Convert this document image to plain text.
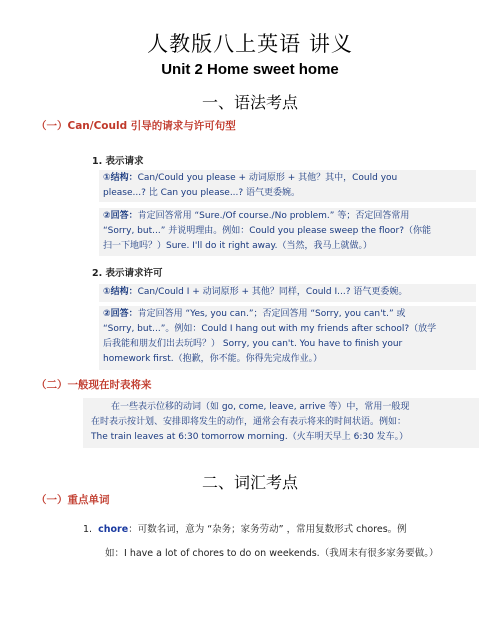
人教版八上英语 讲义
Unit 2 Home sweet home
一、语法考点
（一）Can/Could 引导的请求与许可句型
1. 表示请求
①结构：Can/Could you please + 动词原形 + 其他？其中，Could you
please...? 比 Can you please...? 语气更委婉。
②回答：肯定回答常用 “Sure./Of course./No problem.” 等；否定回答常用
“Sorry, but...” 并说明理由。例如：Could you please sweep the floor?（你能
扫一下地吗？）Sure. I'll do it right away.（当然，我马上就做。）
2. 表示请求许可
①结构：Can/Could I + 动词原形 + 其他？同样，Could I...? 语气更委婉。
②回答：肯定回答用 “Yes, you can.”；否定回答用 “Sorry, you can't.” 或
“Sorry, but...”。例如：Could I hang out with my friends after school?（放学
后我能和朋友们出去玩吗？） Sorry, you can't. You have to finish your
homework first.（抱歉，你不能。你得先完成作业。）
（二）一般现在时表将来
在一些表示位移的动词（如 go, come, leave, arrive 等）中，常用一般现
在时表示按计划、安排即将发生的动作，通常会有表示将来的时间状语。例如：
The train leaves at 6:30 tomorrow morning.（火车明天早上 6:30 发车。）
二、词汇考点
（一）重点单词
1. chore：可数名词，意为 “杂务；家务劳动” ，常用复数形式 chores。例
如：I have a lot of chores to do on weekends.（我周末有很多家务要做。）
